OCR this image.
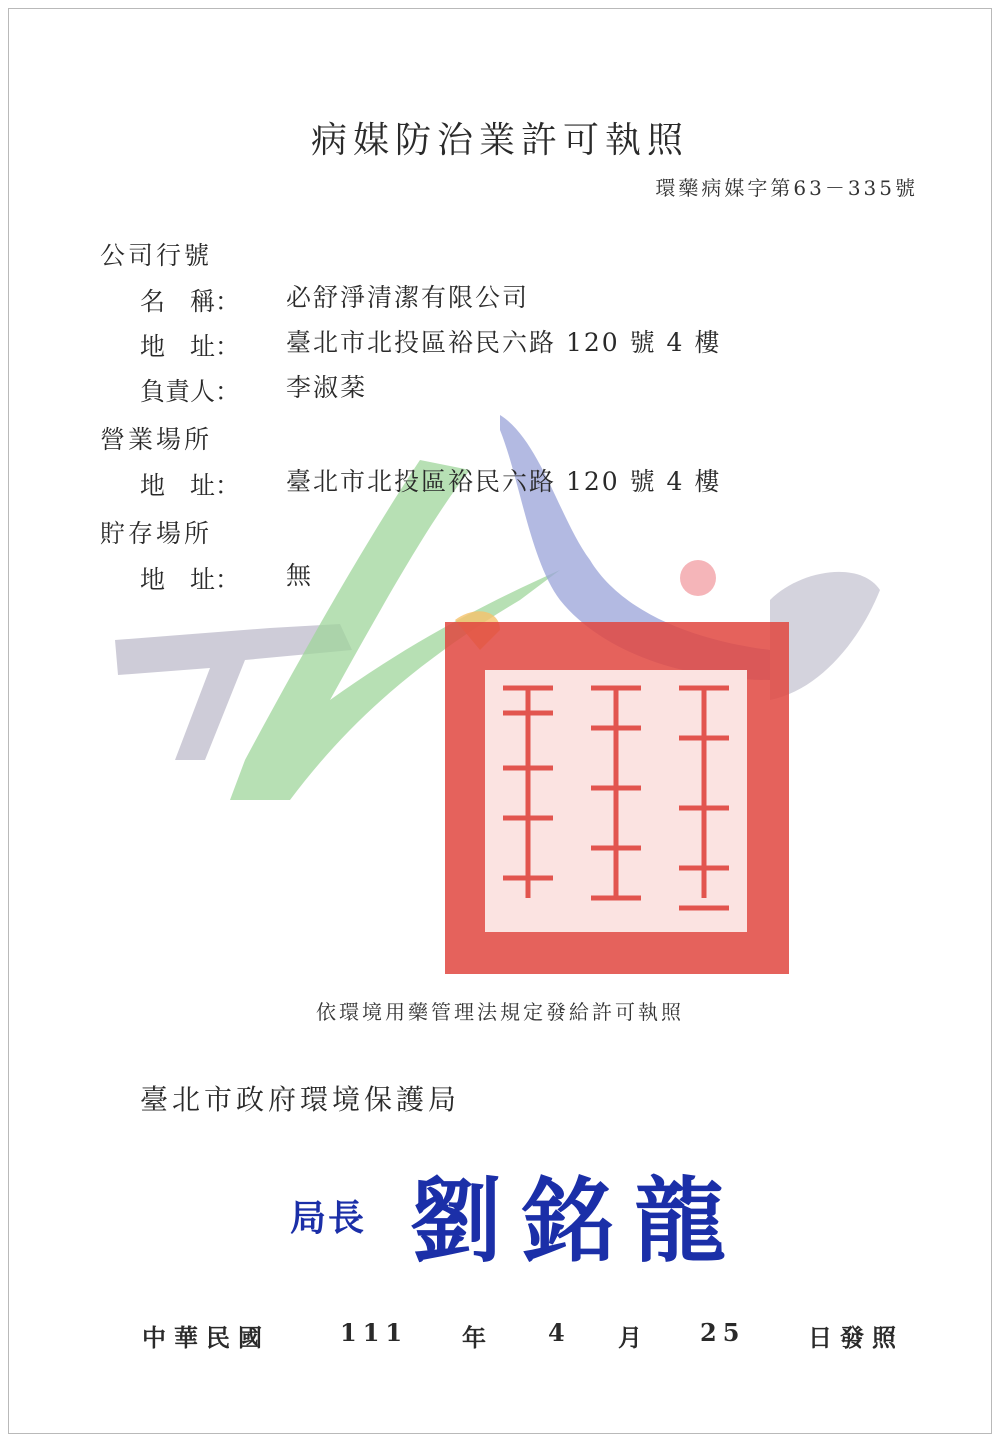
病媒防治業許可執照
環藥病媒字第63－335號
公司行號
名　稱： 必舒淨清潔有限公司
地　址： 臺北市北投區裕民六路 120 號 4 樓
負責人： 李淑棻
營業場所
地　址： 臺北市北投區裕民六路 120 號 4 樓
貯存場所
地　址： 無
依環境用藥管理法規定發給許可執照
臺北市政府環境保護局
局長 劉銘龍
中華民國	111 年	4 月 25	日發照
